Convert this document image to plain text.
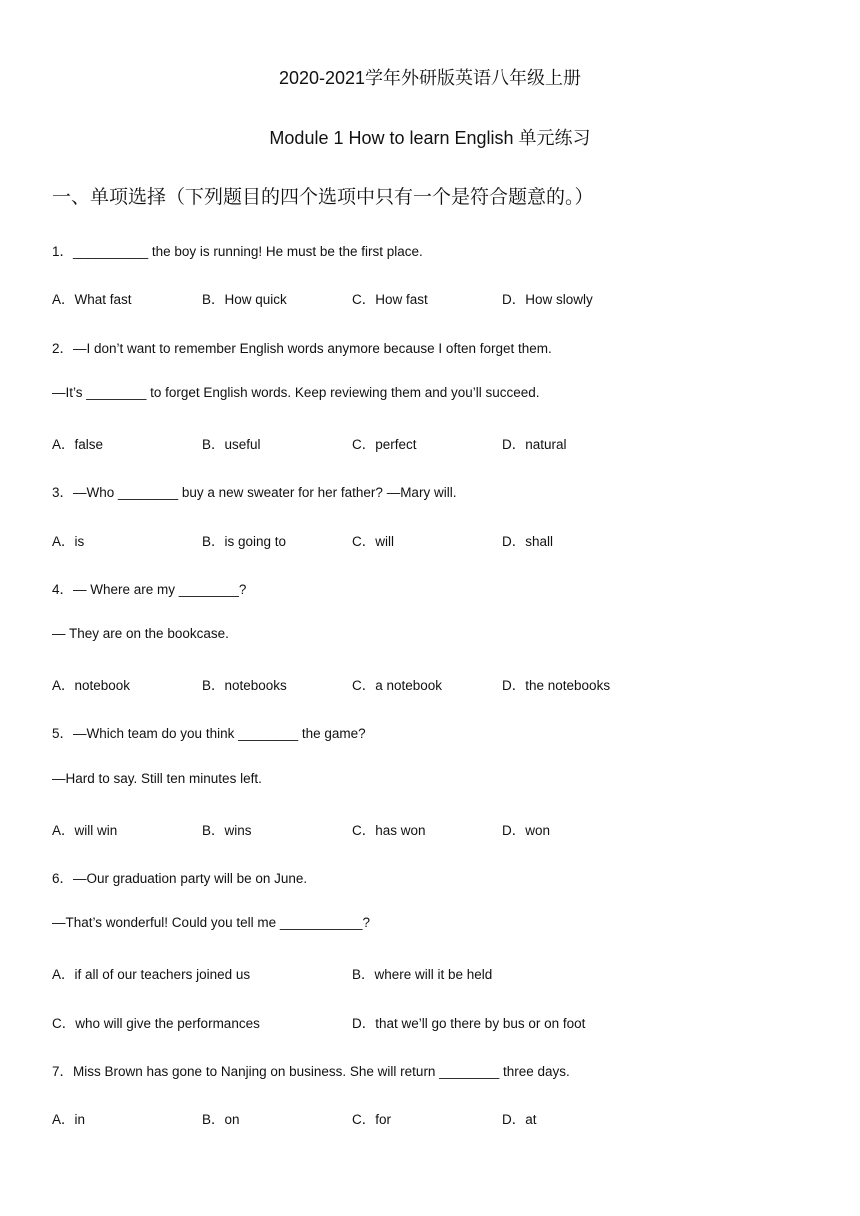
2020-2021学年外研版英语八年级上册
Module 1 How to learn English 单元练习
一、单项选择（下列题目的四个选项中只有一个是符合题意的。）
1．__________ the boy is running! He must be the first place.
A．What fast	B．How quick	C．How fast	D．How slowly
2．—I don’t want to remember English words anymore because I often forget them.
—It’s ________ to forget English words. Keep reviewing them and you’ll succeed.
A．false	B．useful	C．perfect	D．natural
3．—Who ________ buy a new sweater for her father? —Mary will.
A．is	B．is going to	C．will	D．shall
4．— Where are my ________?
— They are on the bookcase.
A．notebook	B．notebooks	C．a notebook	D．the notebooks
5．—Which team do you think ________ the game?
—Hard to say. Still ten minutes left.
A．will win	B．wins	C．has won	D．won
6．—Our graduation party will be on June.
—That’s wonderful! Could you tell me ___________?
A．if all of our teachers joined us	B．where will it be held
C．who will give the performances	D．that we’ll go there by bus or on foot
7．Miss Brown has gone to Nanjing on business. She will return ________ three days.
A．in	B．on	C．for	D．at
